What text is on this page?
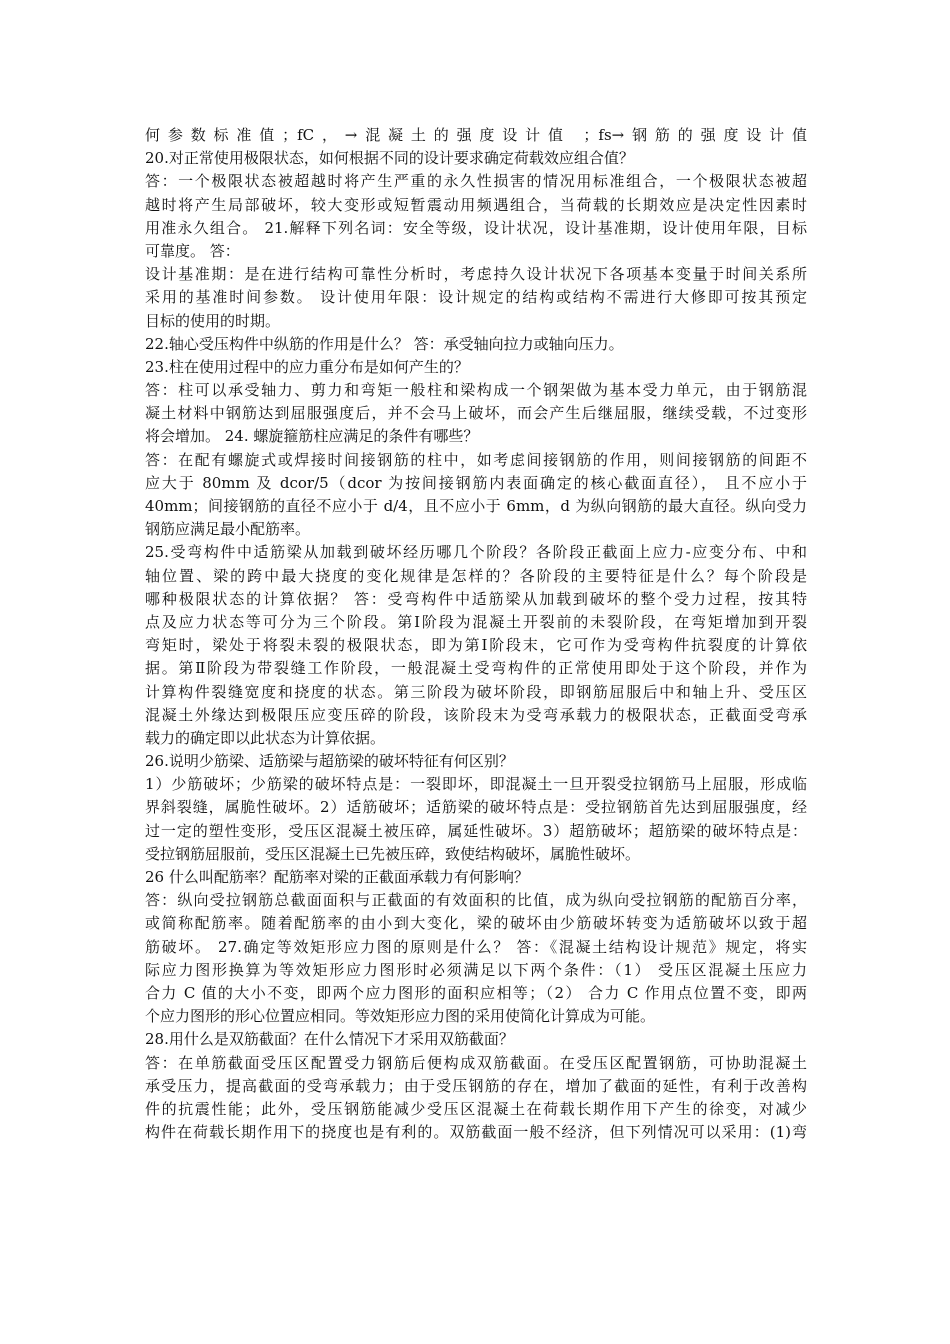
何参数标准值；fC，→混凝土的强度设计值 ；fs→钢筋的强度设计值
20.对正常使用极限状态，如何根据不同的设计要求确定荷载效应组合值？
答：一个极限状态被超越时将产生严重的永久性损害的情况用标准组合，一个极限状态被超
越时将产生局部破坏，较大变形或短暂震动用频遇组合，当荷载的长期效应是决定性因素时
用准永久组合。 21.解释下列名词：安全等级，设计状况，设计基准期，设计使用年限，目标
可靠度。 答：
设计基准期：是在进行结构可靠性分析时，考虑持久设计状况下各项基本变量于时间关系所
采用的基准时间参数。 设计使用年限：设计规定的结构或结构不需进行大修即可按其预定
目标的使用的时期。
22.轴心受压构件中纵筋的作用是什么？ 答：承受轴向拉力或轴向压力。
23.柱在使用过程中的应力重分布是如何产生的？
答：柱可以承受轴力、剪力和弯矩一般柱和梁构成一个钢架做为基本受力单元，由于钢筋混
凝土材料中钢筋达到屈服强度后，并不会马上破坏，而会产生后继屈服，继续受载，不过变形
将会增加。 24. 螺旋箍筋柱应满足的条件有哪些？
答：在配有螺旋式或焊接时间接钢筋的柱中，如考虑间接钢筋的作用，则间接钢筋的间距不
应大于 80mm 及 dcor/5（dcor 为按间接钢筋内表面确定的核心截面直径）， 且不应小于
40mm；间接钢筋的直径不应小于 d/4，且不应小于 6mm，d 为纵向钢筋的最大直径。纵向受力
钢筋应满足最小配筋率。
25.受弯构件中适筋梁从加载到破坏经历哪几个阶段？各阶段正截面上应力-应变分布、中和
轴位置、梁的跨中最大挠度的变化规律是怎样的？各阶段的主要特征是什么？每个阶段是
哪种极限状态的计算依据？ 答：受弯构件中适筋梁从加载到破坏的整个受力过程，按其特
点及应力状态等可分为三个阶段。第Ⅰ阶段为混凝土开裂前的未裂阶段，在弯矩增加到开裂
弯矩时，梁处于将裂未裂的极限状态，即为第Ⅰ阶段末，它可作为受弯构件抗裂度的计算依
据。第Ⅱ阶段为带裂缝工作阶段，一般混凝土受弯构件的正常使用即处于这个阶段，并作为
计算构件裂缝宽度和挠度的状态。第三阶段为破坏阶段，即钢筋屈服后中和轴上升、受压区
混凝土外缘达到极限压应变压碎的阶段，该阶段末为受弯承载力的极限状态，正截面受弯承
载力的确定即以此状态为计算依据。
26.说明少筋梁、适筋梁与超筋梁的破坏特征有何区别？
1）少筋破坏；少筋梁的破坏特点是：一裂即坏，即混凝土一旦开裂受拉钢筋马上屈服，形成临
界斜裂缝，属脆性破坏。2）适筋破坏；适筋梁的破坏特点是：受拉钢筋首先达到屈服强度，经
过一定的塑性变形，受压区混凝土被压碎，属延性破坏。3）超筋破坏；超筋梁的破坏特点是：
受拉钢筋屈服前，受压区混凝土已先被压碎，致使结构破坏，属脆性破坏。
26 什么叫配筋率？配筋率对梁的正截面承载力有何影响？
答：纵向受拉钢筋总截面面积与正截面的有效面积的比值，成为纵向受拉钢筋的配筋百分率，
或简称配筋率。随着配筋率的由小到大变化，梁的破坏由少筋破坏转变为适筋破坏以致于超
筋破坏。 27.确定等效矩形应力图的原则是什么？ 答：《混凝土结构设计规范》规定，将实
际应力图形换算为等效矩形应力图形时必须满足以下两个条件：（1） 受压区混凝土压应力
合力 C 值的大小不变，即两个应力图形的面积应相等；（2） 合力 C 作用点位置不变，即两
个应力图形的形心位置应相同。等效矩形应力图的采用使简化计算成为可能。
28.用什么是双筋截面？在什么情况下才采用双筋截面？
答：在单筋截面受压区配置受力钢筋后便构成双筋截面。在受压区配置钢筋，可协助混凝土
承受压力，提高截面的受弯承载力；由于受压钢筋的存在，增加了截面的延性，有利于改善构
件的抗震性能；此外，受压钢筋能减少受压区混凝土在荷载长期作用下产生的徐变，对减少
构件在荷载长期作用下的挠度也是有利的。双筋截面一般不经济，但下列情况可以采用：(1)弯
